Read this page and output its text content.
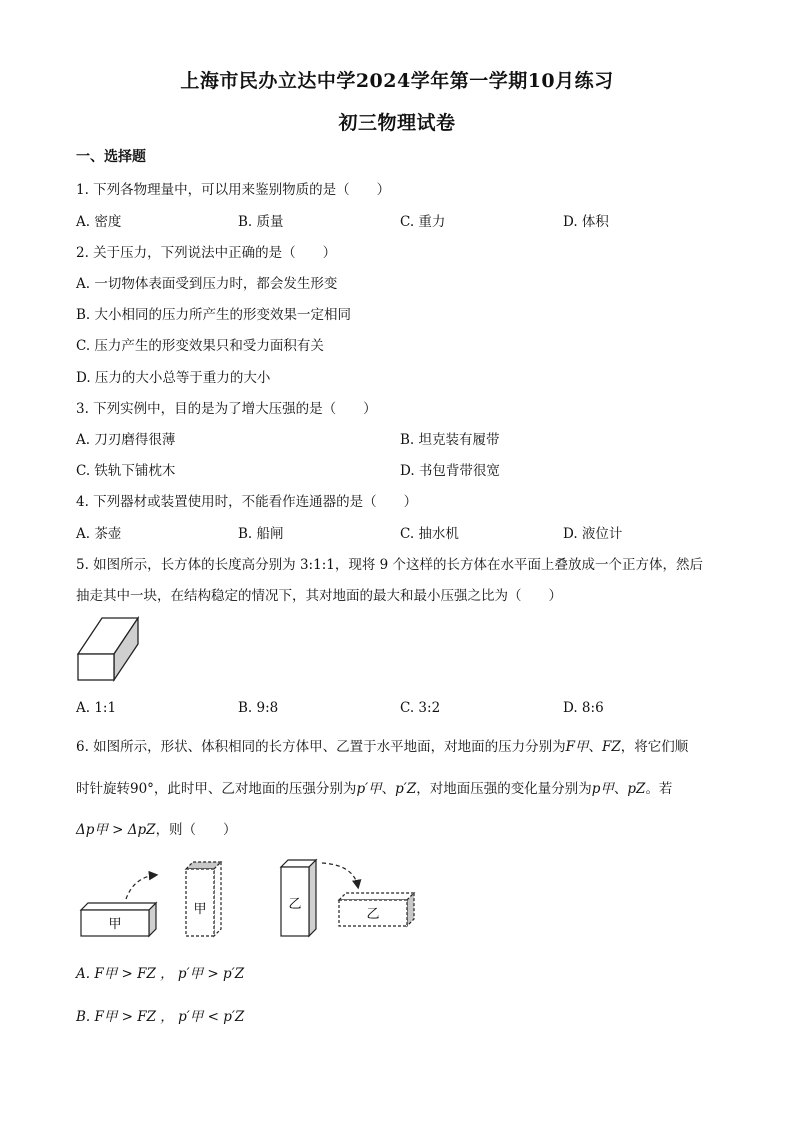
上海市民办立达中学2024学年第一学期10月练习
初三物理试卷
一、选择题
1. 下列各物理量中，可以用来鉴别物质的是（　　）
A. 密度	B. 质量	C. 重力	D. 体积
2. 关于压力，下列说法中正确的是（　　）
A. 一切物体表面受到压力时，都会发生形变
B. 大小相同的压力所产生的形变效果一定相同
C. 压力产生的形变效果只和受力面积有关
D. 压力的大小总等于重力的大小
3. 下列实例中，目的是为了增大压强的是（　　）
A. 刀刃磨得很薄	B. 坦克装有履带
C. 铁轨下铺枕木	D. 书包背带很宽
4. 下列器材或装置使用时，不能看作连通器的是（　　）
A. 茶壶	B. 船闸	C. 抽水机	D. 液位计
5. 如图所示，长方体的长度高分别为 3:1:1，现将 9 个这样的长方体在水平面上叠放成一个正方体，然后
抽走其中一块，在结构稳定的情况下，其对地面的最大和最小压强之比为（　　）
A. 1:1	B. 9:8	C. 3:2	D. 8:6
6. 如图所示，形状、体积相同的长方体甲、乙置于水平地面，对地面的压力分别为F甲、FZ，将它们顺
时针旋转90°，此时甲、乙对地面的压强分别为p′甲、p′Z，对地面压强的变化量分别为p甲、pZ。若
Δp甲 > ΔpZ，则（　　）
甲
甲	乙
乙
A. F甲 > FZ ， p′甲 > p′Z
B. F甲 > FZ ， p′甲 < p′Z
